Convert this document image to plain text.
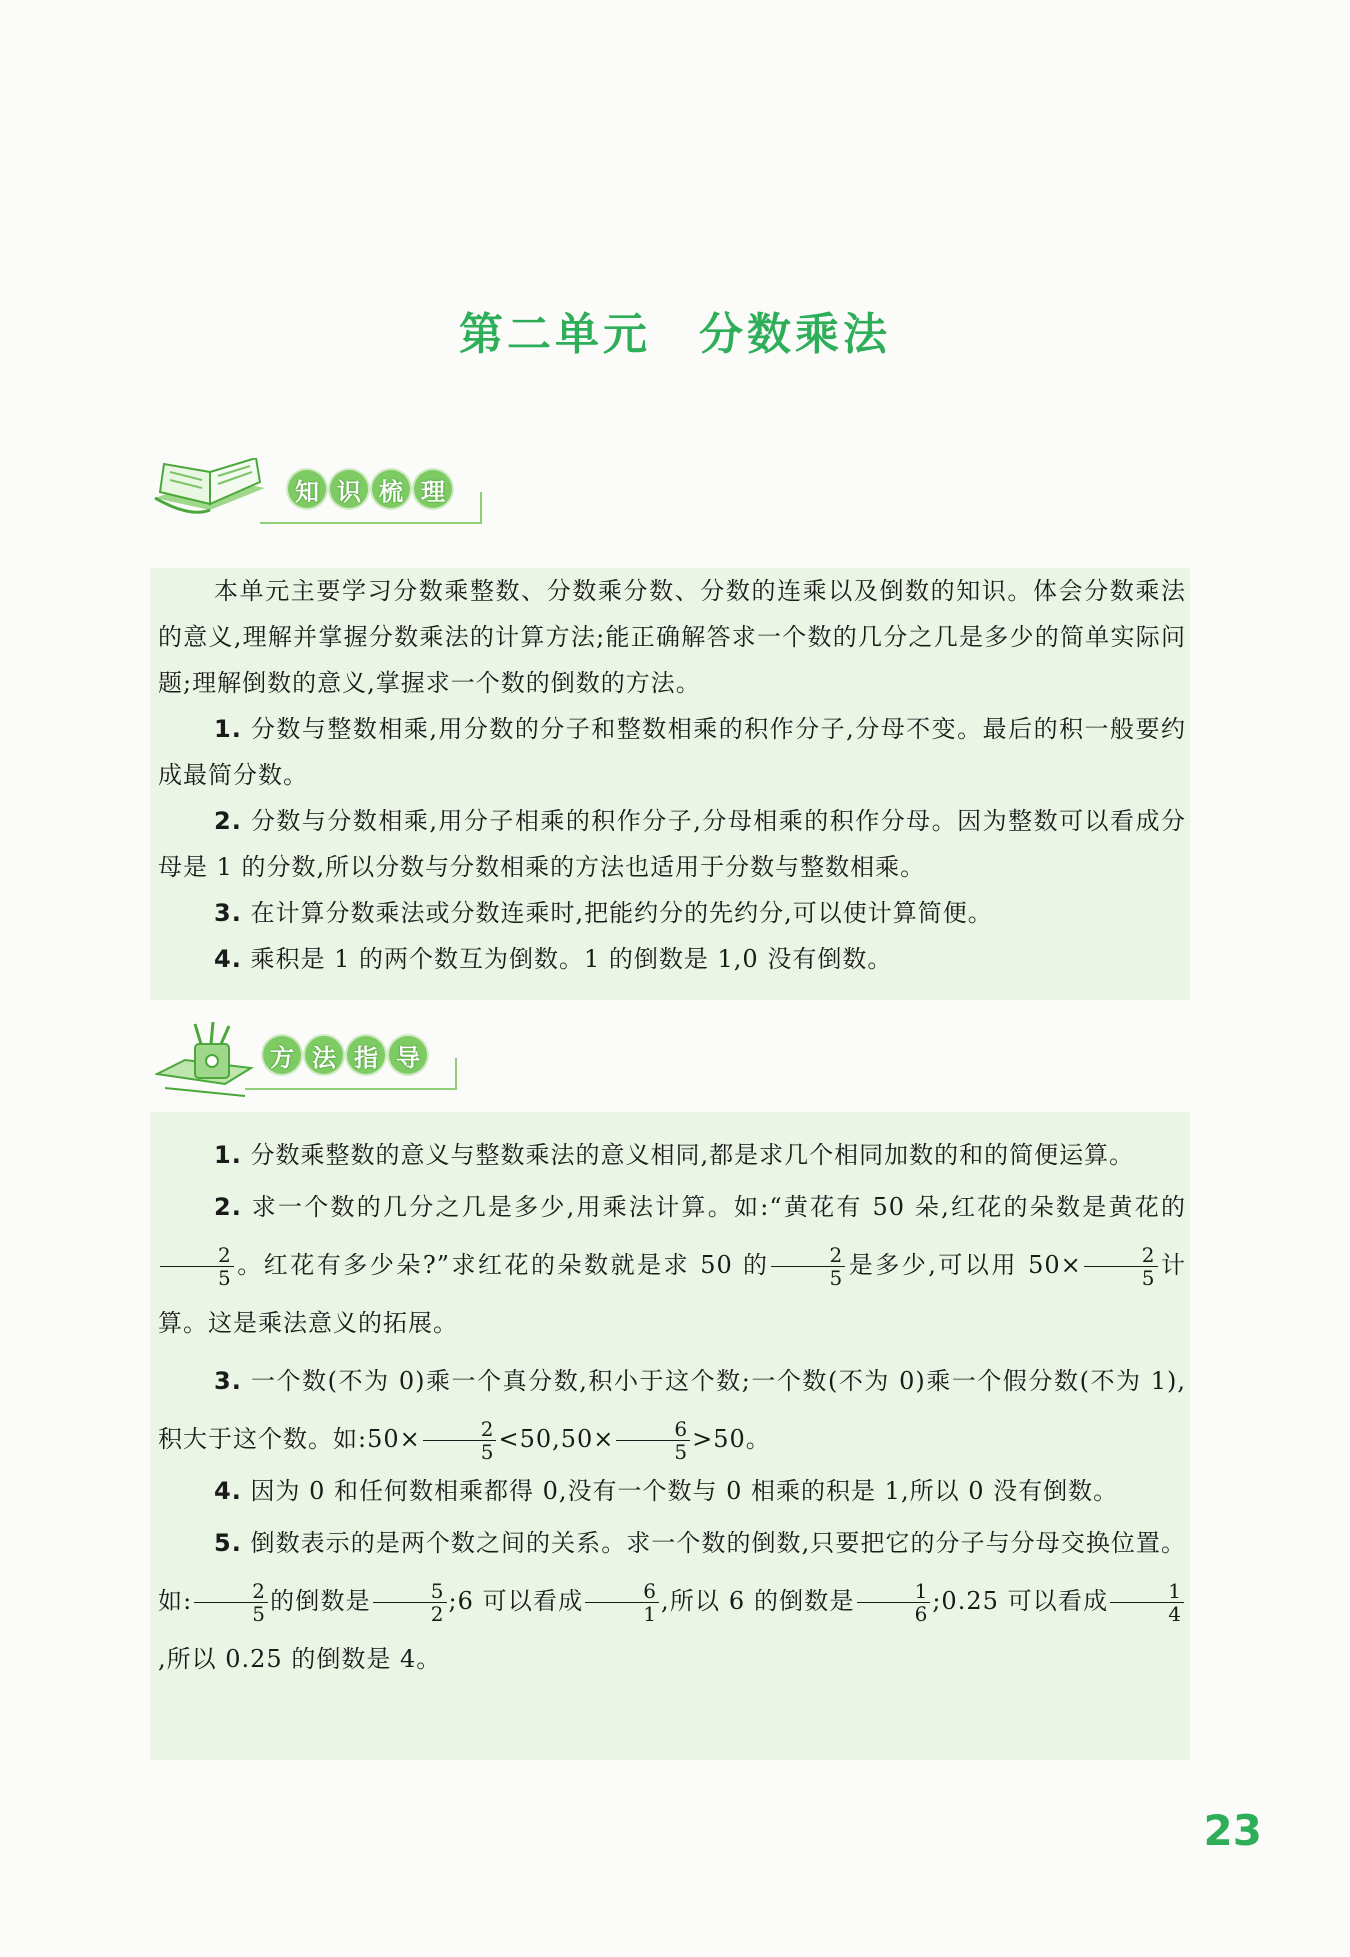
第二单元 分数乘法
知 识 梳 理

本单元主要学习分数乘整数、分数乘分数、分数的连乘以及倒数的知识。体会分数乘法的意义,理解并掌握分数乘法的计算方法;能正确解答求一个数的几分之几是多少的简单实际问题;理解倒数的意义,掌握求一个数的倒数的方法。

1. 分数与整数相乘,用分数的分子和整数相乘的积作分子,分母不变。最后的积一般要约成最简分数。

2. 分数与分数相乘,用分子相乘的积作分子,分母相乘的积作分母。因为整数可以看成分母是 1 的分数,所以分数与分数相乘的方法也适用于分数与整数相乘。

3. 在计算分数乘法或分数连乘时,把能约分的先约分,可以使计算简便。

4. 乘积是 1 的两个数互为倒数。1 的倒数是 1,0 没有倒数。

方 法 指 导

1. 分数乘整数的意义与整数乘法的意义相同,都是求几个相同加数的和的简便运算。

2. 求一个数的几分之几是多少,用乘法计算。如:“黄花有 50 朵,红花的朵数是黄花的
$\frac{2}{5}$ 。红花有多少朵?”求红花的朵数就是求 50 的 $\frac{2}{5}$ 是多少,可以用 $50\times \frac{2}{5}$ 计算。这是乘法意义的拓展。

3. 一个数(不为 0)乘一个真分数,积小于这个数;一个数(不为 0)乘一个假分数(不为 1),积大于这个数。如:50× $\frac{2}{5} <50,50\times \frac{6}{5} >50$。

4. 因为 0 和任何数相乘都得 0,没有一个数与 0 相乘的积是 1,所以 0 没有倒数。

5. 倒数表示的是两个数之间的关系。求一个数的倒数,只要把它的分子与分母交换位置。如: $\frac{2}{5}$ 的倒数是 $\frac{5}{2}$ ;6 可以看成 $\frac{6}{1}$ ,所以 6 的倒数是 $\frac{1}{6}$ ;0.25 可以看成 $\frac{1}{4}$
,所以 0.25 的倒数是 4。

23
